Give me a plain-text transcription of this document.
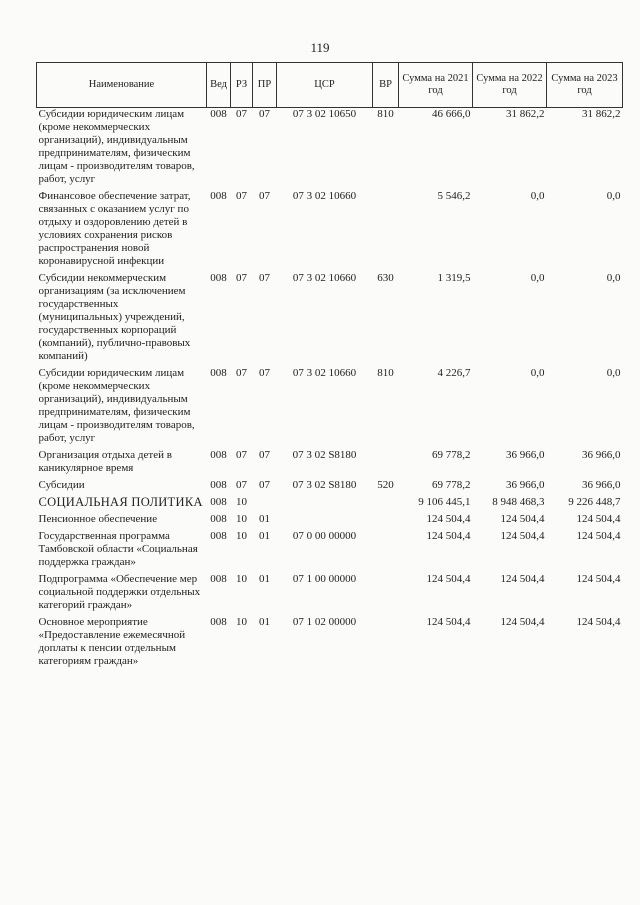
119
Наименование	Вед	РЗ	ПР	ЦСР	ВР	Сумма на 2021 год	Сумма на 2022 год	Сумма на 2023 год
Субсидии юридическим лицам (кроме некоммерческих организаций), индивидуальным предпринимателям, физическим лицам - производителям товаров, работ, услуг	008	07	07	07 3 02 10650	810	46 666,0	31 862,2	31 862,2
Финансовое обеспечение затрат, связанных с оказанием услуг по отдыху и оздоровлению детей в условиях сохранения рисков распространения новой коронавирусной инфекции	008	07	07	07 3 02 10660		5 546,2	0,0	0,0
Субсидии некоммерческим организациям (за исключением государственных (муниципальных) учреждений, государственных корпораций (компаний), публично-правовых компаний)	008	07	07	07 3 02 10660	630	1 319,5	0,0	0,0
Субсидии юридическим лицам (кроме некоммерческих организаций), индивидуальным предпринимателям, физическим лицам - производителям товаров, работ, услуг	008	07	07	07 3 02 10660	810	4 226,7	0,0	0,0
Организация отдыха детей в каникулярное время	008	07	07	07 3 02 S8180		69 778,2	36 966,0	36 966,0
Субсидии	008	07	07	07 3 02 S8180	520	69 778,2	36 966,0	36 966,0
СОЦИАЛЬНАЯ ПОЛИТИКА	008	10				9 106 445,1	8 948 468,3	9 226 448,7
Пенсионное обеспечение	008	10	01			124 504,4	124 504,4	124 504,4
Государственная программа Тамбовской области «Социальная поддержка граждан»	008	10	01	07 0 00 00000		124 504,4	124 504,4	124 504,4
Подпрограмма «Обеспечение мер социальной поддержки отдельных категорий граждан»	008	10	01	07 1 00 00000		124 504,4	124 504,4	124 504,4
Основное мероприятие «Предоставление ежемесячной доплаты к пенсии отдельным категориям граждан»	008	10	01	07 1 02 00000		124 504,4	124 504,4	124 504,4
